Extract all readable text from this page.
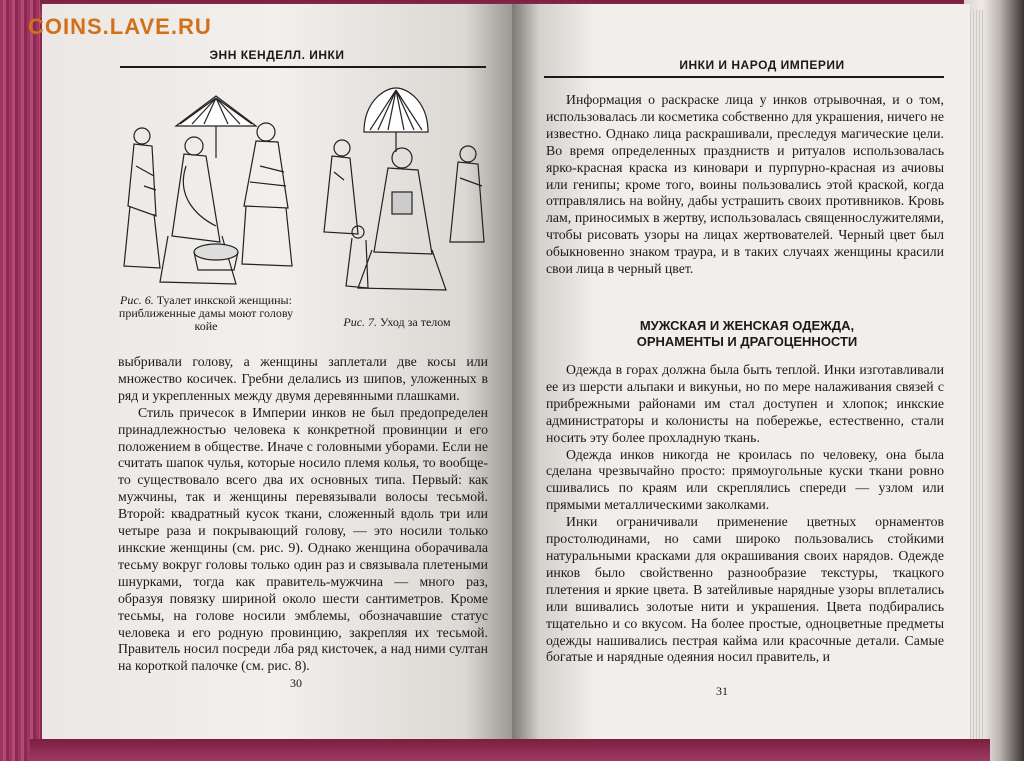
COINS.LAVE.RU
ЭНН КЕНДЕЛЛ. ИНКИ
Рис. 6. Туалет инкской женщины:
приближенные дамы моют голову
койе	Рис. 7. Уход за телом

выбривали голову, а женщины заплетали две косы или множество косичек. Гребни делались из шипов, уложенных в ряд и укрепленных между двумя деревянными плашками.

Стиль причесок в Империи инков не был предопределен принадлежностью человека к конкретной провинции и его положением в обществе. Иначе с головными уборами. Если не считать шапок чулья, которые носило племя колья, то вообще-то существовало всего два их основных типа. Первый: как мужчины, так и женщины перевязывали волосы тесьмой. Второй: квадратный кусок ткани, сложенный вдоль три или четыре раза и покрывающий голову, — это носили только инкские женщины (см. рис. 9). Однако женщина оборачивала тесьму вокруг головы только один раз и связывала плетеными шнурками, тогда как правитель-мужчина — много раз, образуя повязку шириной около шести сантиметров. Кроме тесьмы, на голове носили эмблемы, обозначавшие статус человека и его родную провинцию, закрепляя их тесьмой. Правитель носил посреди лба ряд кисточек, а над ними султан на короткой палочке (см. рис. 8).

30
ИНКИ И НАРОД ИМПЕРИИ

Информация о раскраске лица у инков отрывочная, и о том, использовалась ли косметика собственно для украшения, ничего не известно. Однако лица раскрашивали, преследуя магические цели. Во время определенных праздниств и ритуалов использовалась ярко-красная краска из киновари и пурпурно-красная из ачиовы или генипы; кроме того, воины пользовались этой краской, когда отправлялись на войну, дабы устрашить своих противников. Кровь лам, приносимых в жертву, использовалась священнослужителями, чтобы рисовать узоры на лицах жертвователей. Черный цвет был обыкновенно знаком траура, и в таких случаях женщины красили свои лица в черный цвет.

МУЖСКАЯ И ЖЕНСКАЯ ОДЕЖДА,
ОРНАМЕНТЫ И ДРАГОЦЕННОСТИ

Одежда в горах должна была быть теплой. Инки изготавливали ее из шерсти альпаки и викуньи, но по мере налаживания связей с прибрежными районами им стал доступен и хлопок; инкские администраторы и колонисты на побережье, естественно, стали носить эту более прохладную ткань.

Одежда инков никогда не кроилась по человеку, она была сделана чрезвычайно просто: прямоугольные куски ткани ровно сшивались по краям или скреплялись спереди — узлом или прямыми металлическими заколками.

Инки ограничивали применение цветных орнаментов простолюдинами, но сами широко пользовались стойкими натуральными красками для окрашивания своих нарядов. Одежде инков было свойственно разнообразие текстуры, ткацкого плетения и яркие цвета. В затейливые нарядные узоры вплетались или вшивались золотые нити и украшения. Цвета подбирались тщательно и со вкусом. На более простые, одноцветные предметы одежды нашивались пестрая кайма или красочные детали. Самые богатые и нарядные одеяния носил правитель, и

31
